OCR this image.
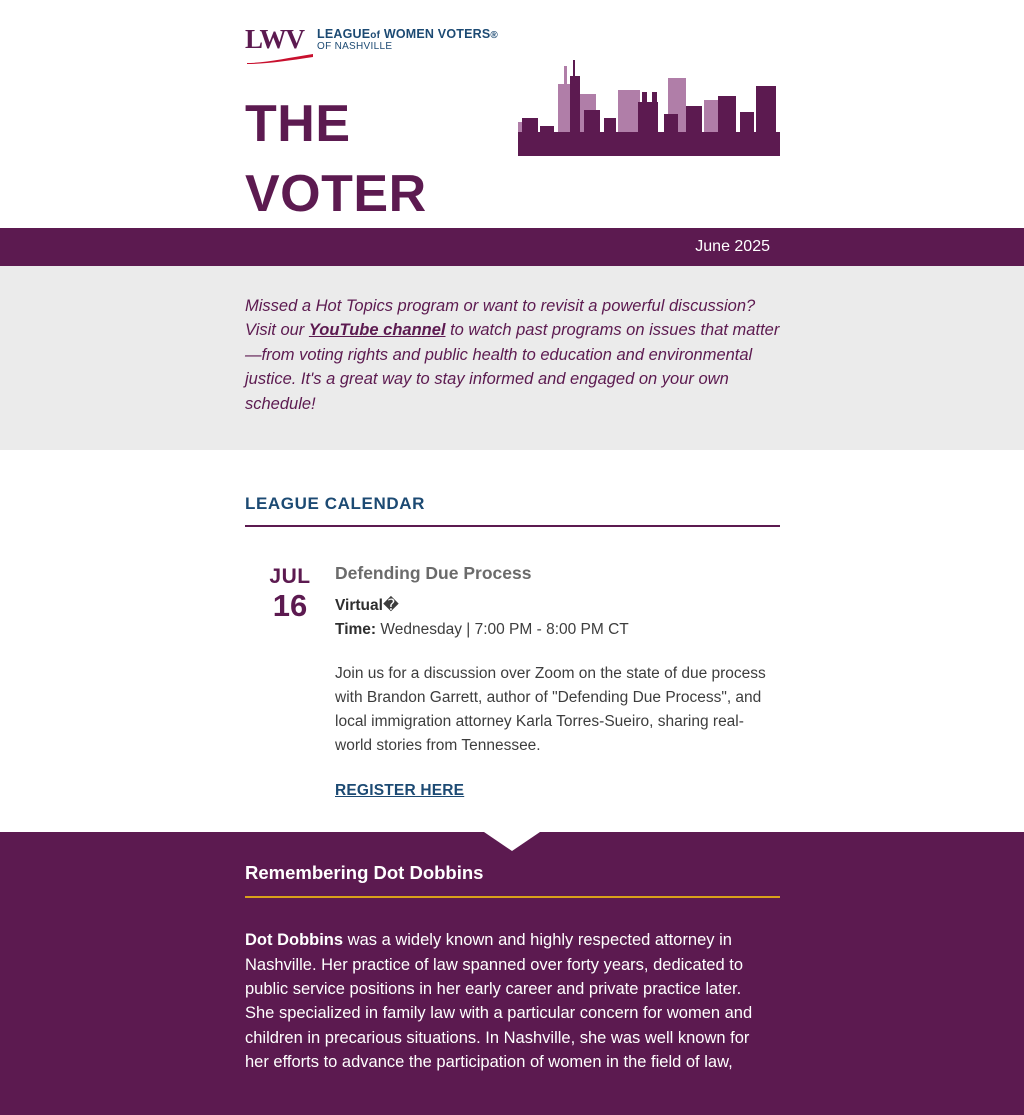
LWV LEAGUEof WOMEN VOTERS®
OF NASHVILLE
THE
VOTER
June 2025
Missed a Hot Topics program or want to revisit a powerful discussion? Visit our YouTube channel to watch past programs on issues that matter—from voting rights and public health to education and environmental justice. It's a great way to stay informed and engaged on your own schedule!
LEAGUE CALENDAR
JUL
16
Defending Due Process
Virtual�
Time: Wednesday | 7:00 PM - 8:00 PM CT
Join us for a discussion over Zoom on the state of due process with Brandon Garrett, author of "Defending Due Process", and local immigration attorney Karla Torres-Sueiro, sharing real-world stories from Tennessee.
REGISTER HERE
Remembering Dot Dobbins
Dot Dobbins was a widely known and highly respected attorney in Nashville. Her practice of law spanned over forty years, dedicated to public service positions in her early career and private practice later. She specialized in family law with a particular concern for women and children in precarious situations. In Nashville, she was well known for her efforts to advance the participation of women in the field of law,
